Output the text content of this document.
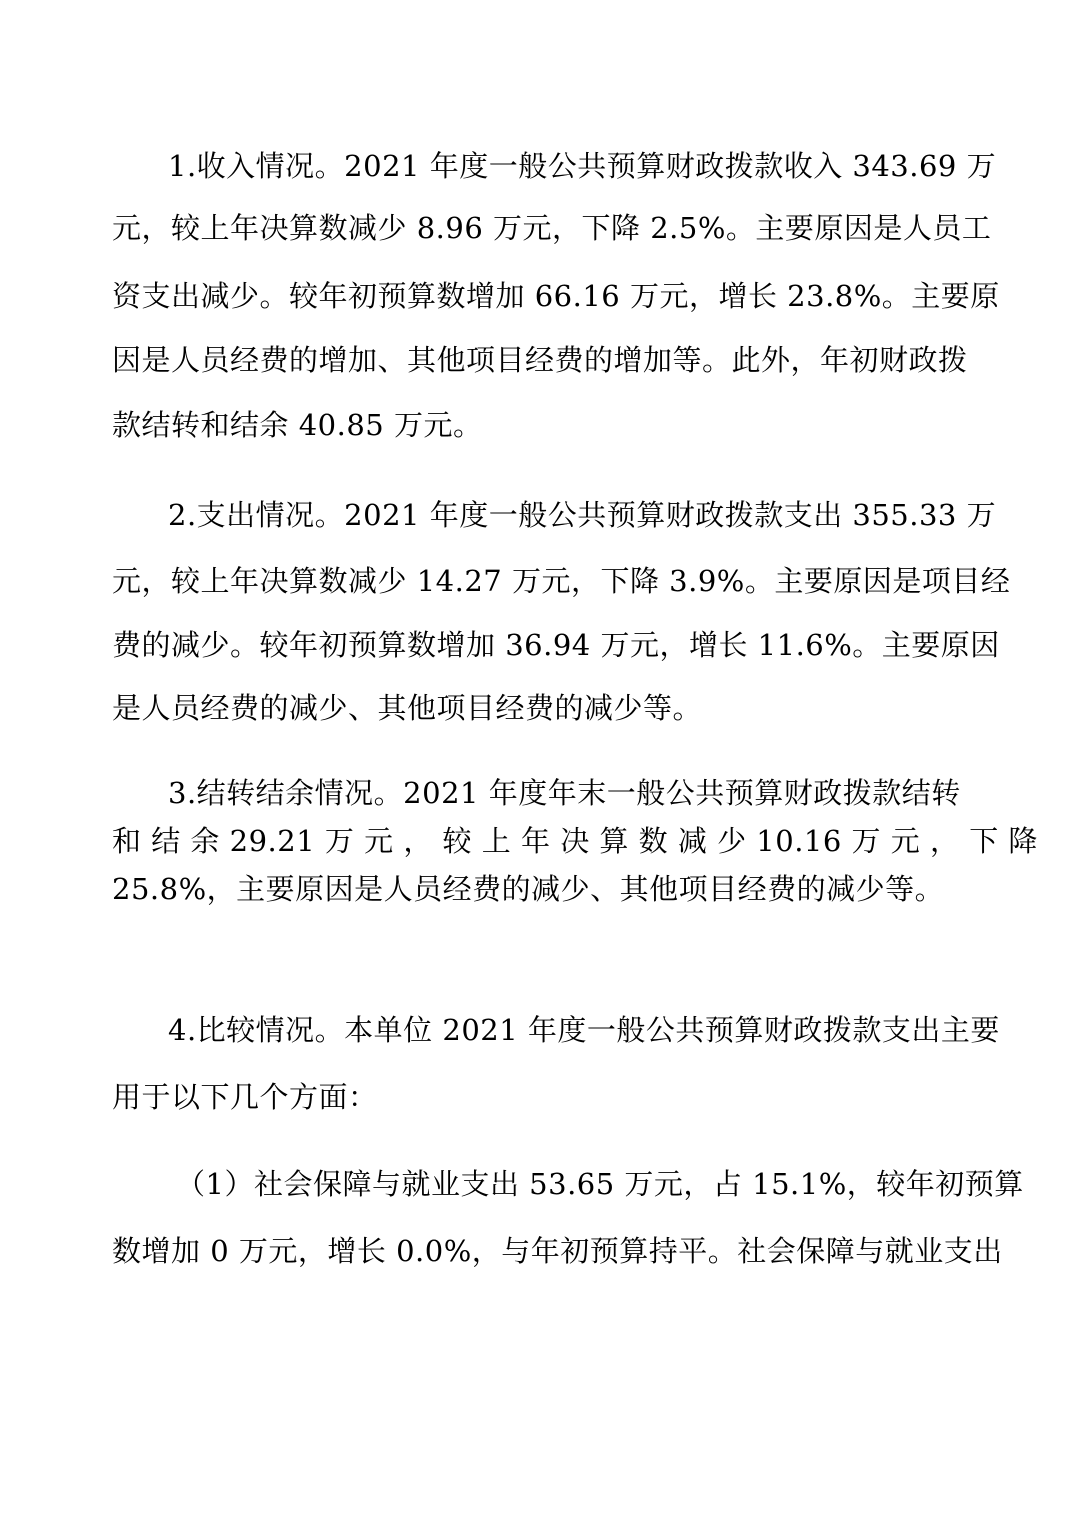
1.收入情况。2021 年度一般公共预算财政拨款收入 343.69 万
元，较上年决算数减少 8.96 万元，下降 2.5%。主要原因是人员工
资支出减少。较年初预算数增加 66.16 万元，增长 23.8%。主要原
因是人员经费的增加、其他项目经费的增加等。此外，年初财政拨
款结转和结余 40.85 万元。
2.支出情况。2021 年度一般公共预算财政拨款支出 355.33 万
元，较上年决算数减少 14.27 万元，下降 3.9%。主要原因是项目经
费的减少。较年初预算数增加 36.94 万元，增长 11.6%。主要原因
是人员经费的减少、其他项目经费的减少等。
3.结转结余情况。2021 年度年末一般公共预算财政拨款结转
和 结 余 29.21 万 元 ， 较 上 年 决 算 数 减 少 10.16 万 元 ， 下 降
25.8%，主要原因是人员经费的减少、其他项目经费的减少等。
4.比较情况。本单位 2021 年度一般公共预算财政拨款支出主要
用于以下几个方面：
（1）社会保障与就业支出 53.65 万元，占 15.1%，较年初预算
数增加 0 万元，增长 0.0%，与年初预算持平。社会保障与就业支出
